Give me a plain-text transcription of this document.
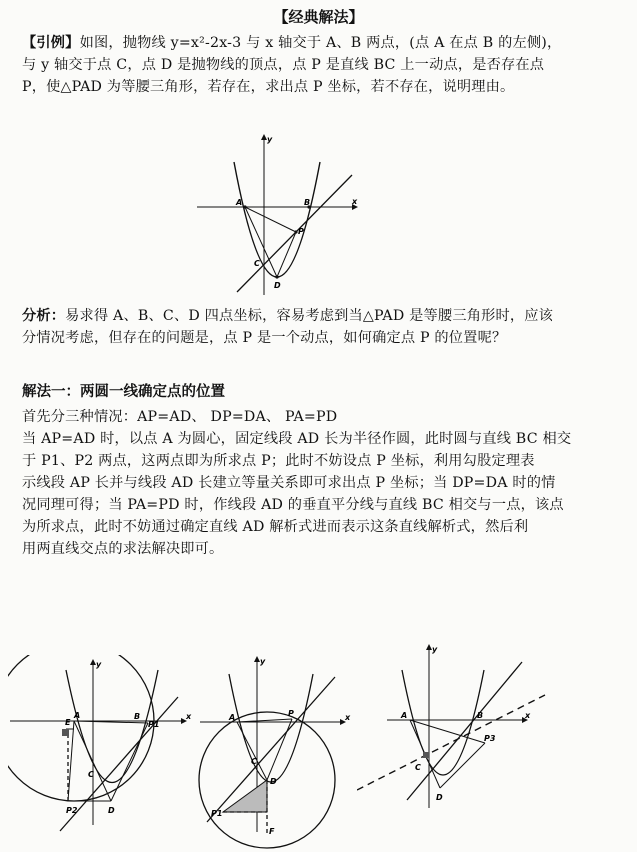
【经典解法】
【引例】如图，抛物线 y=x²-2x-3 与 x 轴交于 A、B 两点，(点 A 在点 B 的左侧)，
与 y 轴交于点 C，点 D 是抛物线的顶点，点 P 是直线 BC 上一动点，是否存在点
P，使△PAD 为等腰三角形，若存在，求出点 P 坐标，若不存在，说明理由。
x
y
A	B
P
C
D
分析：易求得 A、B、C、D 四点坐标，容易考虑到当△PAD 是等腰三角形时，应该
分情况考虑，但存在的问题是，点 P 是一个动点，如何确定点 P 的位置呢？
解法一：两圆一线确定点的位置
首先分三种情况：AP=AD、 DP=DA、 PA=PD
当 AP=AD 时，以点 A 为圆心，固定线段 AD 长为半径作圆，此时圆与直线 BC 相交
于 P1、P2 两点，这两点即为所求点 P；此时不妨设点 P 坐标，利用勾股定理表
示线段 AP 长并与线段 AD 长建立等量关系即可求出点 P 坐标；当 DP=DA 时的情
况同理可得；当 PA=PD 时，作线段 AD 的垂直平分线与直线 BC 相交与一点，该点
为所求点，此时不妨通过确定直线 AD 解析式进而表示这条直线解析式，然后利
用两直线交点的求法解决即可。
x
y
E
A	B
P1
C
D
P2
x
y
A	P
C
D
P1
F
x
y
A	B
P3
C
D
